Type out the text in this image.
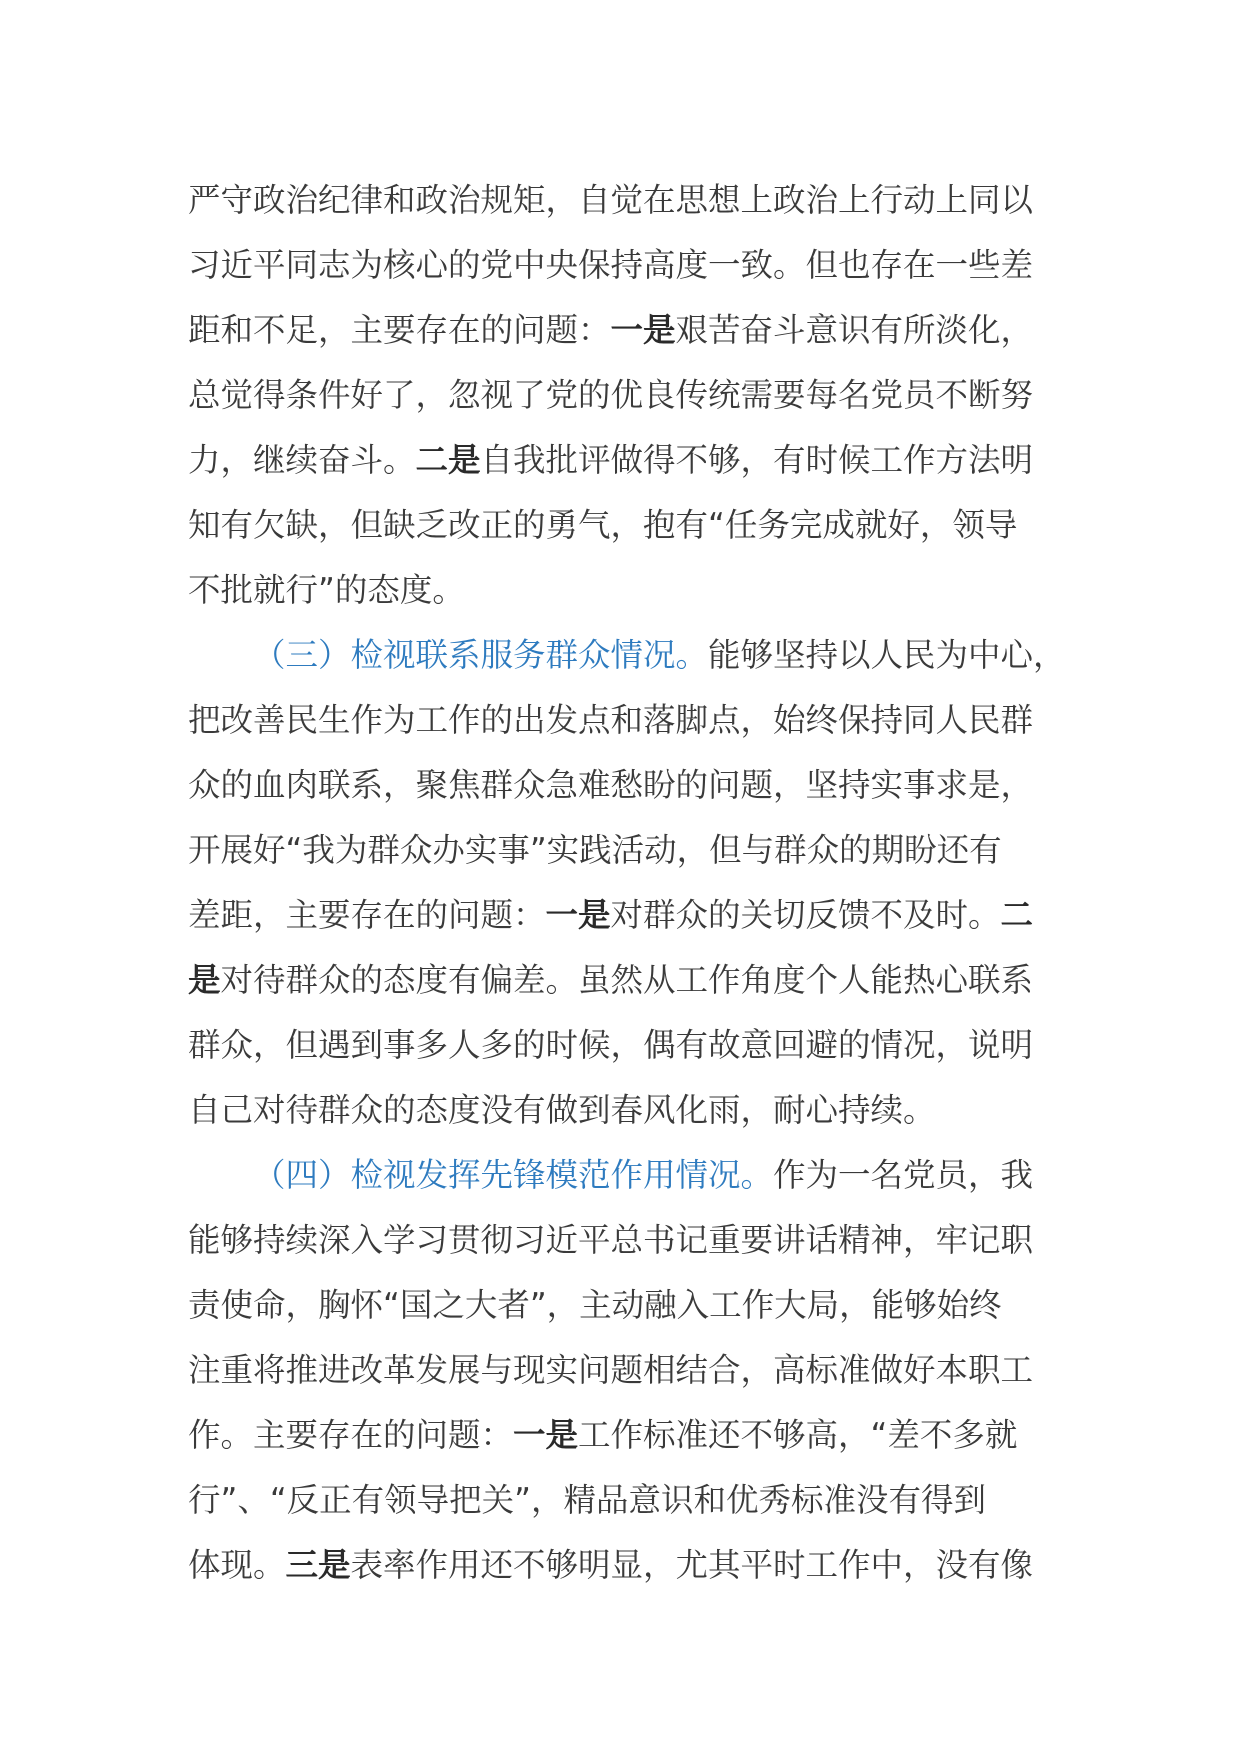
严守政治纪律和政治规矩，自觉在思想上政治上行动上同以
习近平同志为核心的党中央保持高度一致。但也存在一些差
距和不足，主要存在的问题：一是艰苦奋斗意识有所淡化，
总觉得条件好了，忽视了党的优良传统需要每名党员不断努
力，继续奋斗。二是自我批评做得不够，有时候工作方法明
知有欠缺，但缺乏改正的勇气，抱有“任务完成就好，领导
不批就行”的态度。
（三）检视联系服务群众情况。能够坚持以人民为中心，
把改善民生作为工作的出发点和落脚点，始终保持同人民群
众的血肉联系，聚焦群众急难愁盼的问题，坚持实事求是，
开展好“我为群众办实事”实践活动，但与群众的期盼还有
差距，主要存在的问题：一是对群众的关切反馈不及时。二
是对待群众的态度有偏差。虽然从工作角度个人能热心联系
群众，但遇到事多人多的时候，偶有故意回避的情况，说明
自己对待群众的态度没有做到春风化雨，耐心持续。
（四）检视发挥先锋模范作用情况。作为一名党员，我
能够持续深入学习贯彻习近平总书记重要讲话精神，牢记职
责使命，胸怀“国之大者”，主动融入工作大局，能够始终
注重将推进改革发展与现实问题相结合，高标准做好本职工
作。主要存在的问题：一是工作标准还不够高，“差不多就
行”、“反正有领导把关”，精品意识和优秀标准没有得到
体现。三是表率作用还不够明显，尤其平时工作中，没有像
